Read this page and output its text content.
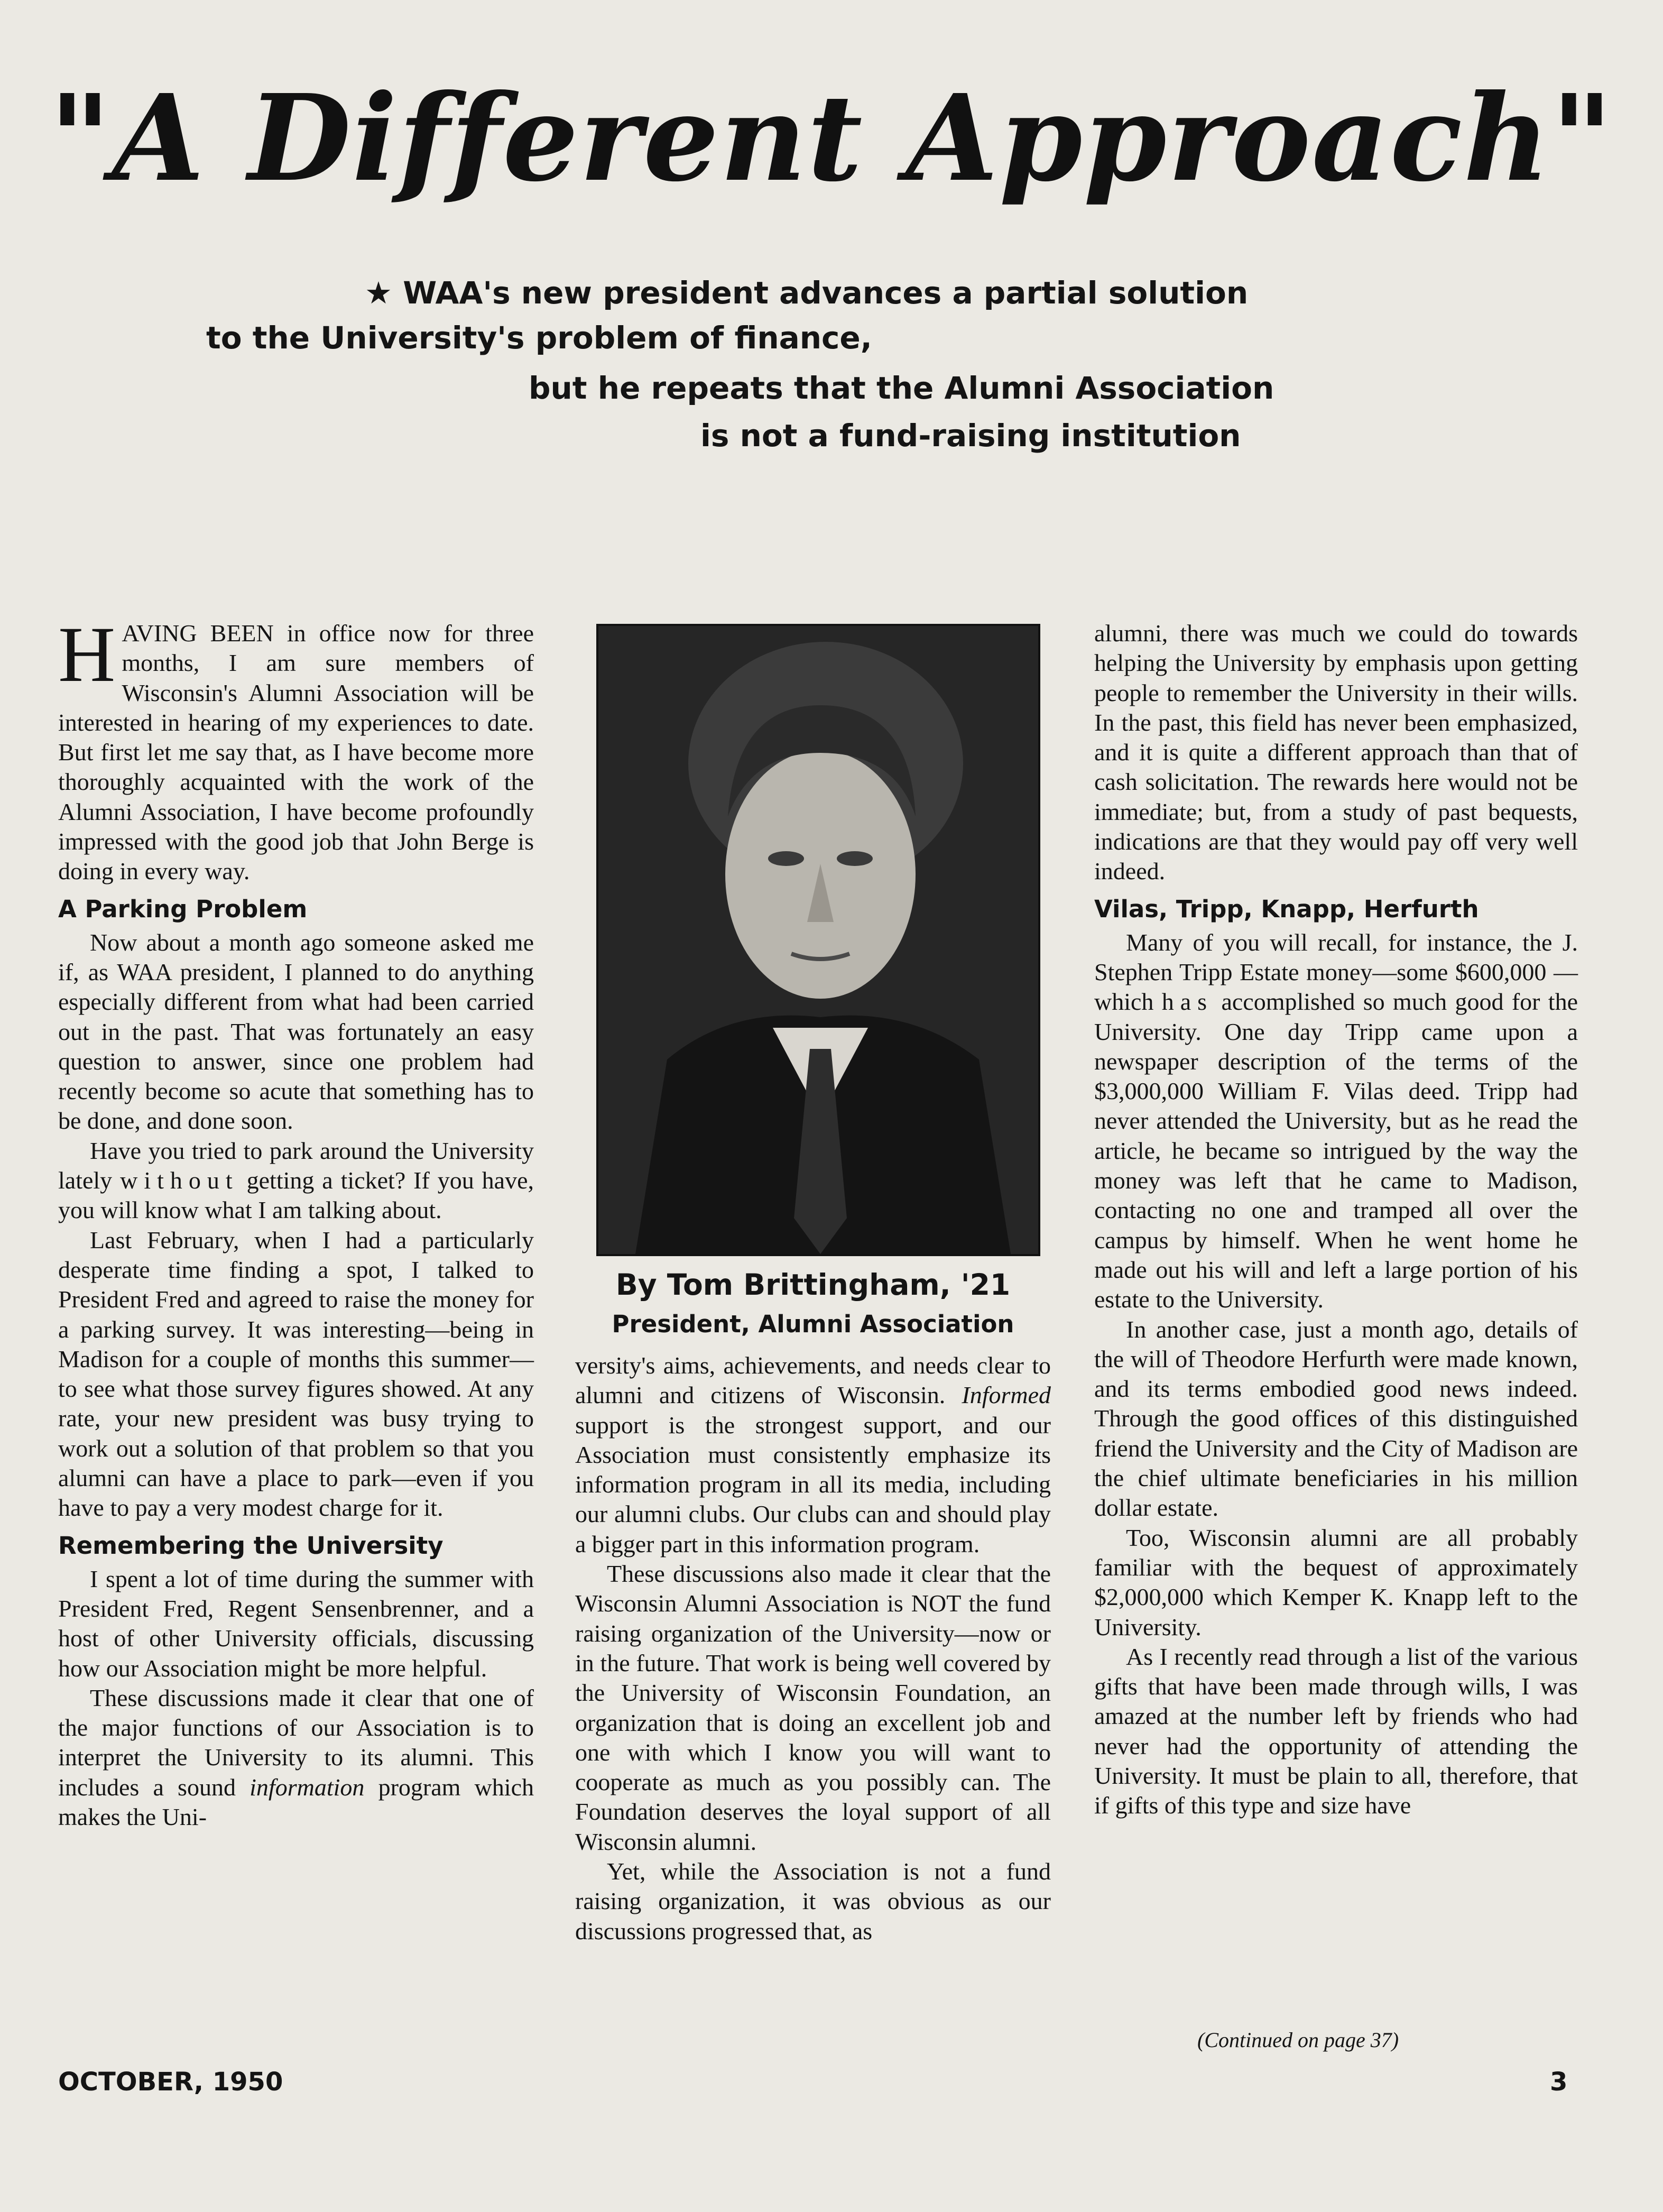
"A Different Approach"
★ WAA's new president advances a partial solution
to the University's problem of finance,
but he repeats that the Alumni Association
is not a fund-raising institution

HAVING BEEN in office now for three months, I am sure members of Wisconsin's Alumni Association will be interested in hearing of my experiences to date. But first let me say that, as I have become more thoroughly acquainted with the work of the Alumni Association, I have become profoundly impressed with the good job that John Berge is doing in every way.

A Parking Problem

Now about a month ago someone asked me if, as WAA president, I planned to do anything especially different from what had been carried out in the past. That was fortunately an easy question to answer, since one problem had recently become so acute that something has to be done, and done soon.

Have you tried to park around the University lately without getting a ticket? If you have, you will know what I am talking about.

Last February, when I had a particularly desperate time finding a spot, I talked to President Fred and agreed to raise the money for a parking survey. It was interesting—being in Madison for a couple of months this summer—to see what those survey figures showed. At any rate, your new president was busy trying to work out a solution of that problem so that you alumni can have a place to park—even if you have to pay a very modest charge for it.

Remembering the University

I spent a lot of time during the summer with President Fred, Regent Sensenbrenner, and a host of other University officials, discussing how our Association might be more helpful.

These discussions made it clear that one of the major functions of our Association is to interpret the University to its alumni. This includes a sound information program which makes the Uni-

By Tom Brittingham, '21
President, Alumni Association

versity's aims, achievements, and needs clear to alumni and citizens of Wisconsin. Informed support is the strongest support, and our Association must consistently emphasize its information program in all its media, including our alumni clubs. Our clubs can and should play a bigger part in this information program.

These discussions also made it clear that the Wisconsin Alumni Association is NOT the fund raising organization of the University—now or in the future. That work is being well covered by the University of Wisconsin Foundation, an organization that is doing an excellent job and one with which I know you will want to cooperate as much as you possibly can. The Foundation deserves the loyal support of all Wisconsin alumni.

Yet, while the Association is not a fund raising organization, it was obvious as our discussions progressed that, as

alumni, there was much we could do towards helping the University by emphasis upon getting people to remember the University in their wills. In the past, this field has never been emphasized, and it is quite a different approach than that of cash solicitation. The rewards here would not be immediate; but, from a study of past bequests, indications are that they would pay off very well indeed.

Vilas, Tripp, Knapp, Herfurth

Many of you will recall, for instance, the J. Stephen Tripp Estate money—some $600,000 — which has accomplished so much good for the University. One day Tripp came upon a newspaper description of the terms of the $3,000,000 William F. Vilas deed. Tripp had never attended the University, but as he read the article, he became so intrigued by the way the money was left that he came to Madison, contacting no one and tramped all over the campus by himself. When he went home he made out his will and left a large portion of his estate to the University.

In another case, just a month ago, details of the will of Theodore Herfurth were made known, and its terms embodied good news indeed. Through the good offices of this distinguished friend the University and the City of Madison are the chief ultimate beneficiaries in his million dollar estate.

Too, Wisconsin alumni are all probably familiar with the bequest of approximately $2,000,000 which Kemper K. Knapp left to the University.

As I recently read through a list of the various gifts that have been made through wills, I was amazed at the number left by friends who had never had the opportunity of attending the University. It must be plain to all, therefore, that if gifts of this type and size have

(Continued on page 37)
OCTOBER, 1950	3
